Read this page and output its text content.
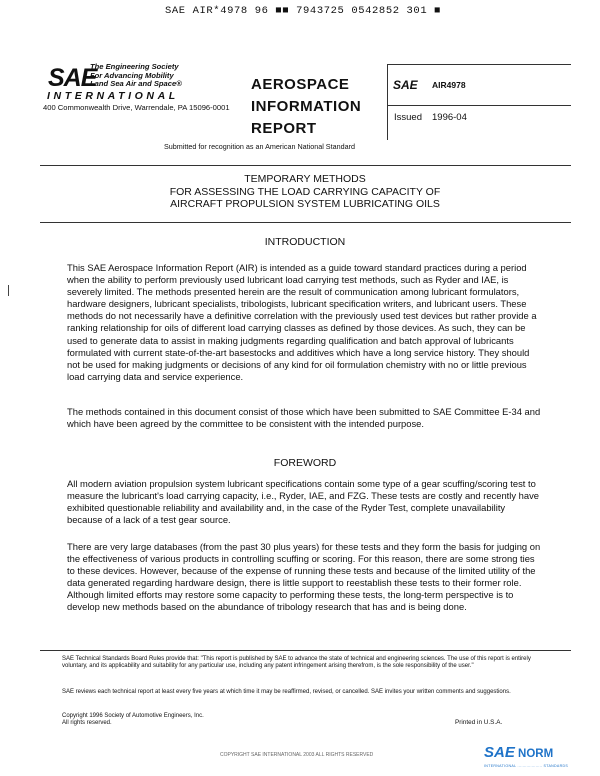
SAE AIR*4978 96 ■■ 7943725 0542852 301 ■
SAE
The Engineering Society
For Advancing Mobility
Land Sea Air and Space®
INTERNATIONAL
400 Commonwealth Drive, Warrendale, PA 15096-0001
AEROSPACE
INFORMATION
REPORT
SAE AIR4978
Issued 1996-04
Submitted for recognition as an American National Standard
TEMPORARY METHODS
FOR ASSESSING THE LOAD CARRYING CAPACITY OF
AIRCRAFT PROPULSION SYSTEM LUBRICATING OILS
INTRODUCTION
This SAE Aerospace Information Report (AIR) is intended as a guide toward standard practices during a period when the ability to perform previously used lubricant load carrying test methods, such as Ryder and IAE, is severely limited. The methods presented herein are the result of communication among lubricant formulators, hardware designers, lubricant specialists, tribologists, lubricant specification writers, and lubricant users. These methods do not necessarily have a definitive correlation with the previously used test devices but rather provide a ranking relationship for oils of different load carrying classes as defined by those devices. As such, they can be used to generate data to assist in making judgments regarding qualification and batch approval of lubricants formulated with current state-of-the-art basestocks and additives which have a long service history. They should not be used for making judgments or decisions of any kind for oil formulation chemistry with no or little previous load carrying data and service experience.
The methods contained in this document consist of those which have been submitted to SAE Committee E-34 and which have been agreed by the committee to be consistent with the intended purpose.
FOREWORD
All modern aviation propulsion system lubricant specifications contain some type of a gear scuffing/scoring test to measure the lubricant's load carrying capacity, i.e., Ryder, IAE, and FZG. These tests are costly and recently have exhibited questionable reliability and availability and, in the case of the Ryder Test, complete unavailability because of a lack of a test gear source.
There are very large databases (from the past 30 plus years) for these tests and they form the basis for judging on the effectiveness of various products in controlling scuffing or scoring. For this reason, there are some strong ties to these devices. However, because of the expense of running these tests and because of the limited utility of the data generated regarding hardware design, there is little support to reestablish these tests to their former role. Although limited efforts may restore some capacity to performing these tests, the long-term perspective is to develop new methods based on the abundance of tribology research that has and is being done.
SAE Technical Standards Board Rules provide that: "This report is published by SAE to advance the state of technical and engineering sciences. The use of this report is entirely voluntary, and its applicability and suitability for any particular use, including any patent infringement arising therefrom, is the sole responsibility of the user."
SAE reviews each technical report at least every five years at which time it may be reaffirmed, revised, or cancelled. SAE invites your written comments and suggestions.
Copyright 1996 Society of Automotive Engineers, Inc.
All rights reserved.	Printed in U.S.A.
COPYRIGHT SAE INTERNATIONAL 2003 ALL RIGHTS RESERVED	SAE NORM
INTERNATIONAL ................... STANDARDS
